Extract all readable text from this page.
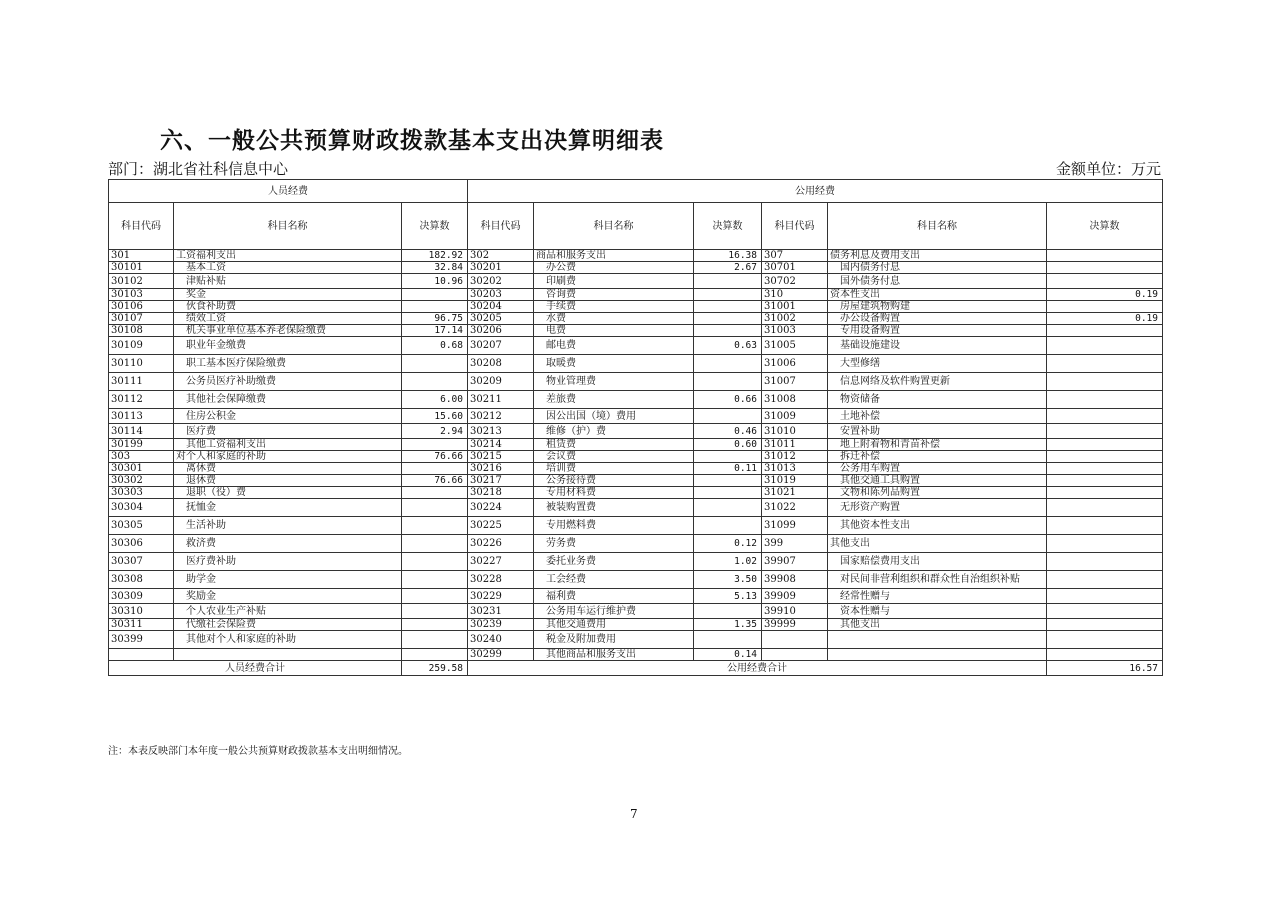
六、一般公共预算财政拨款基本支出决算明细表
部门：湖北省社科信息中心	金额单位：万元
人员经费			公用经费					
科目代码	科目名称	决算数	科目代码	科目名称	决算数	科目代码	科目名称	决算数
301	工资福利支出	182.92	302	商品和服务支出	16.38	307	债务利息及费用支出	
30101	基本工资	32.84	30201	办公费	2.67	30701	国内债务付息	
30102	津贴补贴	10.96	30202	印刷费		30702	国外债务付息	
30103	奖金		30203	咨询费		310	资本性支出	0.19
30106	伙食补助费		30204	手续费		31001	房屋建筑物购建	
30107	绩效工资	96.75	30205	水费		31002	办公设备购置	0.19
30108	机关事业单位基本养老保险缴费	17.14	30206	电费		31003	专用设备购置	
30109	职业年金缴费	0.68	30207	邮电费	0.63	31005	基础设施建设	
30110	职工基本医疗保险缴费		30208	取暖费		31006	大型修缮	
30111	公务员医疗补助缴费		30209	物业管理费		31007	信息网络及软件购置更新	
30112	其他社会保障缴费	6.00	30211	差旅费	0.66	31008	物资储备	
30113	住房公积金	15.60	30212	因公出国（境）费用		31009	土地补偿	
30114	医疗费	2.94	30213	维修（护）费	0.46	31010	安置补助	
30199	其他工资福利支出		30214	租赁费	0.60	31011	地上附着物和青苗补偿	
303	对个人和家庭的补助	76.66	30215	会议费		31012	拆迁补偿	
30301	离休费		30216	培训费	0.11	31013	公务用车购置	
30302	退休费	76.66	30217	公务接待费		31019	其他交通工具购置	
30303	退职（役）费		30218	专用材料费		31021	文物和陈列品购置	
30304	抚恤金		30224	被装购置费		31022	无形资产购置	
30305	生活补助		30225	专用燃料费		31099	其他资本性支出	
30306	救济费		30226	劳务费	0.12	399	其他支出	
30307	医疗费补助		30227	委托业务费	1.02	39907	国家赔偿费用支出	
30308	助学金		30228	工会经费	3.50	39908	对民间非营利组织和群众性自治组织补贴	
30309	奖励金		30229	福利费	5.13	39909	经常性赠与	
30310	个人农业生产补贴		30231	公务用车运行维护费		39910	资本性赠与	
30311	代缴社会保险费		30239	其他交通费用	1.35	39999	其他支出	
30399	其他对个人和家庭的补助		30240	税金及附加费用				
			30299	其他商品和服务支出	0.14			
人员经费合计		259.58	公用经费合计					16.57
注：本表反映部门本年度一般公共预算财政拨款基本支出明细情况。
7
